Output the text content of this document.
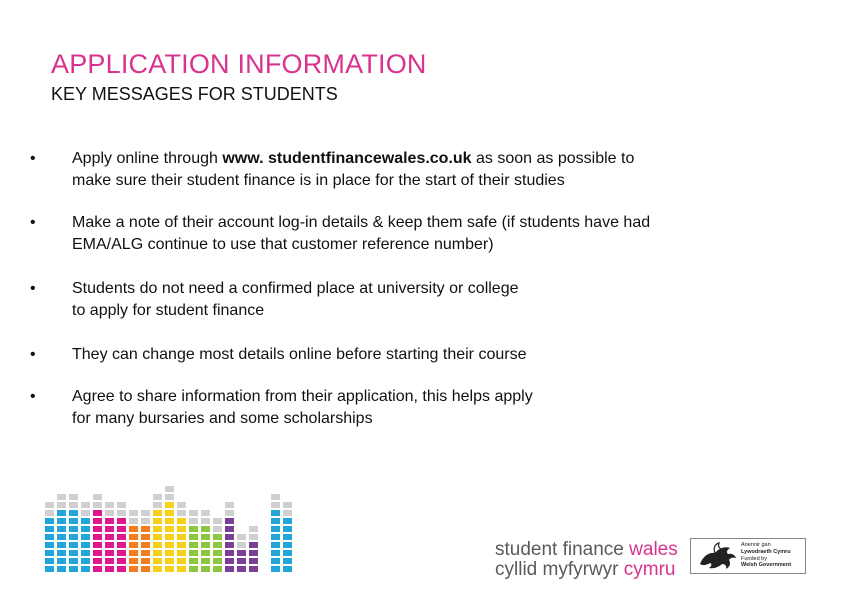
APPLICATION INFORMATION
KEY MESSAGES FOR STUDENTS
•	Apply online through www. studentfinancewales.co.uk as soon as possible to
make sure their student finance is in place for the start of their studies
•	Make a note of their account log-in details & keep them safe (if students have had
EMA/ALG continue to use that customer reference number)
•	Students do not need a confirmed place at university or college
to apply for student finance
•	They can change most details online before starting their course
•	Agree to share information from their application, this helps apply
for many bursaries and some scholarships
student finance wales
cyllid myfyrwyr cymru
Ariennir gan
Lywodraeth Cymru
Funded by
Welsh Government
